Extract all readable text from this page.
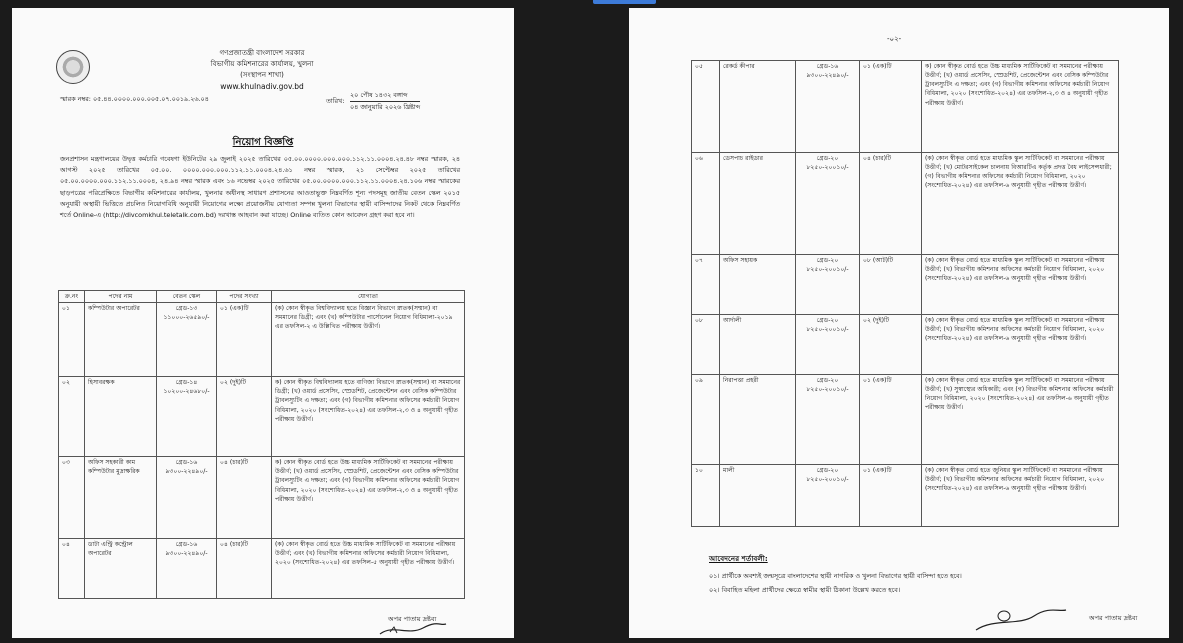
গণপ্রজাতন্ত্রী বাংলাদেশ সরকার
বিভাগীয় কমিশনারের কার্যালয়, খুলনা
(সংস্থাপন শাখা)
www.khulnadiv.gov.bd
স্মারক নম্বর: ০৫.৪৪.০০০০.০০০.০০৫.০৭.০০১৯.২৬.০৪	তারিখ:
২০ পৌষ ১৪৩২ বঙ্গাব্দ
০৪ জানুয়ারি ২০২৬ খ্রিষ্টাব্দ
নিয়োগ বিজ্ঞপ্তি
জনপ্রশাসন মন্ত্রণালয়ের উদ্বৃত্ত কর্মচারি গবেষণা ইউনিটের ২৯ জুলাই ২০২৫ তারিখের ০৫.০০.০০০০.০০০.০০০.১১২.১১.০০০৪.২৪.৪৮ নম্বর স্মারক, ২৪ আগস্ট ২০২৫ তারিখের ০৫.০০. ০০০০.০০০.০০০.১১২.১১.০০০৪.২৪.৬১ নম্বর স্মারক, ২১ সেপ্টেম্বর ২০২৫ তারিখের ০৫.০০.০০০০.০০০.১১২.১১.০০০৪, ২৪.৯৪ নম্বর স্মারক এবং ১৬ নভেম্বর ২০২৫ তারিখের ০৫.০০.০০০০.০০০.১১২.১১.০০০৪.২৪.১০৬ নম্বর স্মারকের ছাড়পত্রের পরিপ্রেক্ষিতে বিভাগীয় কমিশনারের কার্যালয়, খুলনার অধীনস্থ সাধারণ প্রশাসনের আওতাভুক্ত নিম্নবর্ণিত শূন্য পদসমূহ জাতীয় বেতন স্কেল ২০১৫ অনুযায়ী অস্থায়ী ভিত্তিতে প্রচলিত নিয়োগবিধি অনুযায়ী নিয়োগের লক্ষ্যে প্রয়োজনীয় যোগ্যতা সম্পন্ন খুলনা বিভাগের স্থায়ী বাসিন্দাদের নিকট থেকে নিম্নবর্ণিত শর্তে Online-এ (http://divcomkhul.teletalk.com.bd) দরখাস্ত আহবান করা যাচ্ছে। Online ব্যতিত কোন আবেদন গ্রহণ করা হবে না।
ক্র.নং	পদের নাম	বেতন স্কেল	পদের সংখ্যা	যোগ্যতা
০১	কম্পিউটার অপারেটর	গ্রেড-১৩ ১১০০০-২৬৫৯০/-	০১ (এক)টি	(ক) কোন স্বীকৃত বিশ্ববিদ্যালয় হতে বিজ্ঞান বিভাগে স্নাতক(সম্মান) বা সমমানের ডিগ্রী; এবং (খ) কম্পিউটার পার্সোনেল নিয়োগ বিধিমালা-২০১৯ এর তফসিল-২ এ উল্লিখিত পরীক্ষায় উত্তীর্ণ।
০২	হিসাবরক্ষক	গ্রেড-১৪ ১০২০০-২৪৬৮০/-	০২ (দুই)টি	ক) কোন স্বীকৃত বিশ্ববিদ্যালয় হতে বাণিজ্য বিভাগে স্নাতক(সম্মান) বা সমমানের ডিগ্রী; (খ) ওয়ার্ড প্রসেসিং, স্প্রেডশিট, প্রেজেন্টেশন এবং বেসিক কম্পিউটার ট্রাবলস্যুটিং এ দক্ষতা; এবং (গ) বিভাগীয় কমিশনার অফিসের কর্মচারী নিয়োগ বিধিমালা, ২০২০ (সংশোধিত-২০২৪) এর তফসিল-২,৩ ও ৪ অনুযায়ী গৃহীত পরীক্ষায় উত্তীর্ণ।
০৩	অফিস সহকারী কাম কম্পিউটার মুদ্রাক্ষরিক	গ্রেড-১৬ ৯৩০০-২২৪৯০/-	০৪ (চার)টি	ক) কোন স্বীকৃত বোর্ড হতে উচ্চ মাধ্যমিক সার্টিফিকেট বা সমমানের পরীক্ষায় উত্তীর্ণ; (খ) ওয়ার্ড প্রসেসিং, স্প্রেডশিট, প্রেজেন্টেশন এবং বেসিক কম্পিউটার ট্রাবলস্যুটিং এ দক্ষতা; এবং (গ) বিভাগীয় কমিশনার অফিসের কর্মচারী নিয়োগ বিধিমালা, ২০২০ (সংশোধিত-২০২৪) এর তফসিল-২,৩ ও ৪ অনুযায়ী গৃহীত পরীক্ষায় উত্তীর্ণ।
০৪	ডাটা এন্ট্রি কন্ট্রোল অপারেটর	গ্রেড-১৬ ৯৩০০-২২৪৯০/-	০৪ (চার)টি	(ক) কোন স্বীকৃত বোর্ড হতে উচ্চ মাধ্যমিক সার্টিফিকেট বা সমমানের পরীক্ষায় উত্তীর্ণ; এবং (খ) বিভাগীয় কমিশনার অফিসের কর্মচারী নিয়োগ বিধিমালা, ২০২০ (সংশোধিত-২০২৪) এর তফসিল-৫ অনুযায়ী গৃহীত পরীক্ষায় উত্তীর্ণ।
অপর পাতায় দ্রষ্টব্য
-০২-
০৫	রেকর্ড কীপার	গ্রেড-১৬ ৯৩০০-২২৪৯০/-	০১ (এক)টি	ক) কোন স্বীকৃত বোর্ড হতে উচ্চ মাধ্যমিক সার্টিফিকেট বা সমমানের পরীক্ষায় উত্তীর্ণ; (খ) ওয়ার্ড প্রসেসিং, স্প্রেডশিট, প্রেজেন্টেশন এবং বেসিক কম্পিউটার ট্রাবলস্যুটিং এ দক্ষতা; এবং (গ) বিভাগীয় কমিশনার অফিসের কর্মচারী নিয়োগ বিধিমালা, ২০২০ (সংশোধিত-২০২৪) এর তফসিল-২,৩ ও ৪ অনুযায়ী গৃহীত পরীক্ষায় উত্তীর্ণ।
০৬	ডেসপাচ রাইডার	গ্রেড-২০ ৮২৫০-২০০১০/-	০৪ (চার)টি	(ক) কোন স্বীকৃত বোর্ড হতে মাধ্যমিক স্কুল সার্টিফিকেট বা সমমানের পরীক্ষায় উত্তীর্ণ; (খ) মোটরসাইকেল চালনায় বিআরটিএ কর্তৃক প্রদত্ত বৈধ লাইসেন্সধারী; (গ) বিভাগীয় কমিশনার অফিসের কর্মচারী নিয়োগ বিধিমালা, ২০২০ (সংশোধিত-২০২৪) এর তফসিল-৬ অনুযায়ী গৃহীত পরীক্ষায় উত্তীর্ণ।
০৭	অফিস সহায়ক	গ্রেড-২০ ৮২৫০-২০০১০/-	০৮ (আট)টি	(ক) কোন স্বীকৃত বোর্ড হতে মাধ্যমিক স্কুল সার্টিফিকেট বা সমমানের পরীক্ষায় উত্তীর্ণ; (খ) বিভাগীয় কমিশনার অফিসের কর্মচারী নিয়োগ বিধিমালা, ২০২০ (সংশোধিত-২০২৪) এর তফসিল-৬ অনুযায়ী গৃহীত পরীক্ষায় উত্তীর্ণ।
০৮	আর্দালী	গ্রেড-২০ ৮২৫০-২০০১০/-	০২ (দুই)টি	(ক) কোন স্বীকৃত বোর্ড হতে মাধ্যমিক স্কুল সার্টিফিকেট বা সমমানের পরীক্ষায় উত্তীর্ণ; (খ) বিভাগীয় কমিশনার অফিসের কর্মচারী নিয়োগ বিধিমালা, ২০২০ (সংশোধিত-২০২৪) এর তফসিল-৬ অনুযায়ী গৃহীত পরীক্ষায় উত্তীর্ণ।
০৯	নিরাপত্তা প্রহরী	গ্রেড-২০ ৮২৫০-২০০১০/-	০১ (এক)টি	(ক) কোন স্বীকৃত বোর্ড হতে মাধ্যমিক স্কুল সার্টিফিকেট বা সমমানের পরীক্ষায় উত্তীর্ণ; (খ) সুস্বাস্থ্যের অধিকারী; এবং (গ) বিভাগীয় কমিশনার অফিসের কর্মচারী নিয়োগ বিধিমালা, ২০২০ (সংশোধিত-২০২৪) এর তফসিল-৬ অনুযায়ী গৃহীত পরীক্ষায় উত্তীর্ণ।
১০	মালী	গ্রেড-২০ ৮২৫০-২০০১০/-	০১ (এক)টি	(ক) কোন স্বীকৃত বোর্ড হতে জুনিয়র স্কুল সার্টিফিকেট বা সমমানের পরীক্ষায় উত্তীর্ণ; (খ) বিভাগীয় কমিশনার অফিসের কর্মচারী নিয়োগ বিধিমালা, ২০২০ (সংশোধিত-২০২৪) এর তফসিল-৬ অনুযায়ী গৃহীত পরীক্ষায় উত্তীর্ণ।
আবেদনের শর্তাবলী:
০১। প্রার্থীকে অবশ্যই জন্মসূত্রে বাংলাদেশের স্থায়ী নাগরিক ও খুলনা বিভাগের স্থায়ী বাসিন্দা হতে হবে।
০২। বিবাহিত মহিলা প্রার্থীদের ক্ষেত্রে স্বামীর স্থায়ী ঠিকানা উল্লেখ করতে হবে।
অপর পাতায় দ্রষ্টব্য
